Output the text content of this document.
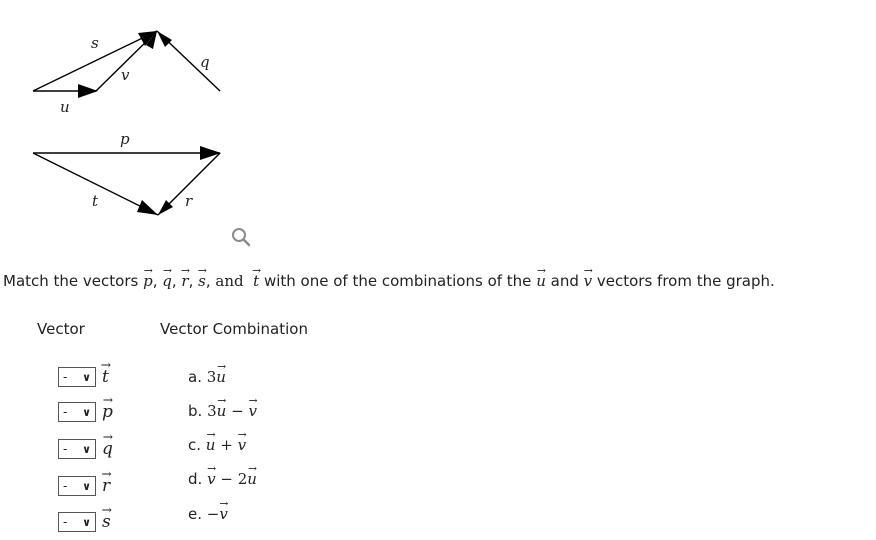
s
v
q
u
p
t	r
Match the vectors → p, → q, → r, → s, and → t with one of the combinations of the → u and → v vectors from the graph.
Vector	Vector Combination
- ∨ → t
- ∨ → p
- ∨ → q
- ∨ → r
- ∨ → s
a. 3→ u
b. 3→ u − → v
c. → u + → v
d. → v − 2→ u
e. −→ v
